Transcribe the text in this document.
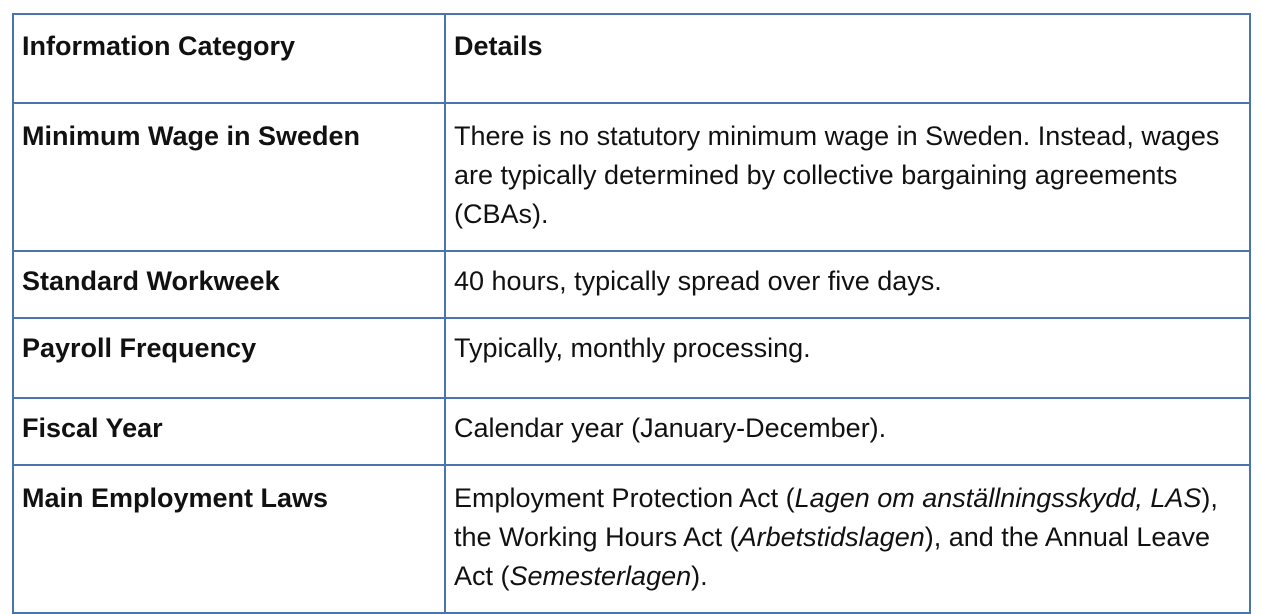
Information Category	Details
Minimum Wage in Sweden	There is no statutory minimum wage in Sweden. Instead, wages are typically determined by collective bargaining agreements (CBAs).
Standard Workweek	40 hours, typically spread over five days.
Payroll Frequency	Typically, monthly processing.
Fiscal Year	Calendar year (January-December).
Main Employment Laws	Employment Protection Act (Lagen om anställningsskydd, LAS), the Working Hours Act (Arbetstidslagen), and the Annual Leave Act (Semesterlagen).
